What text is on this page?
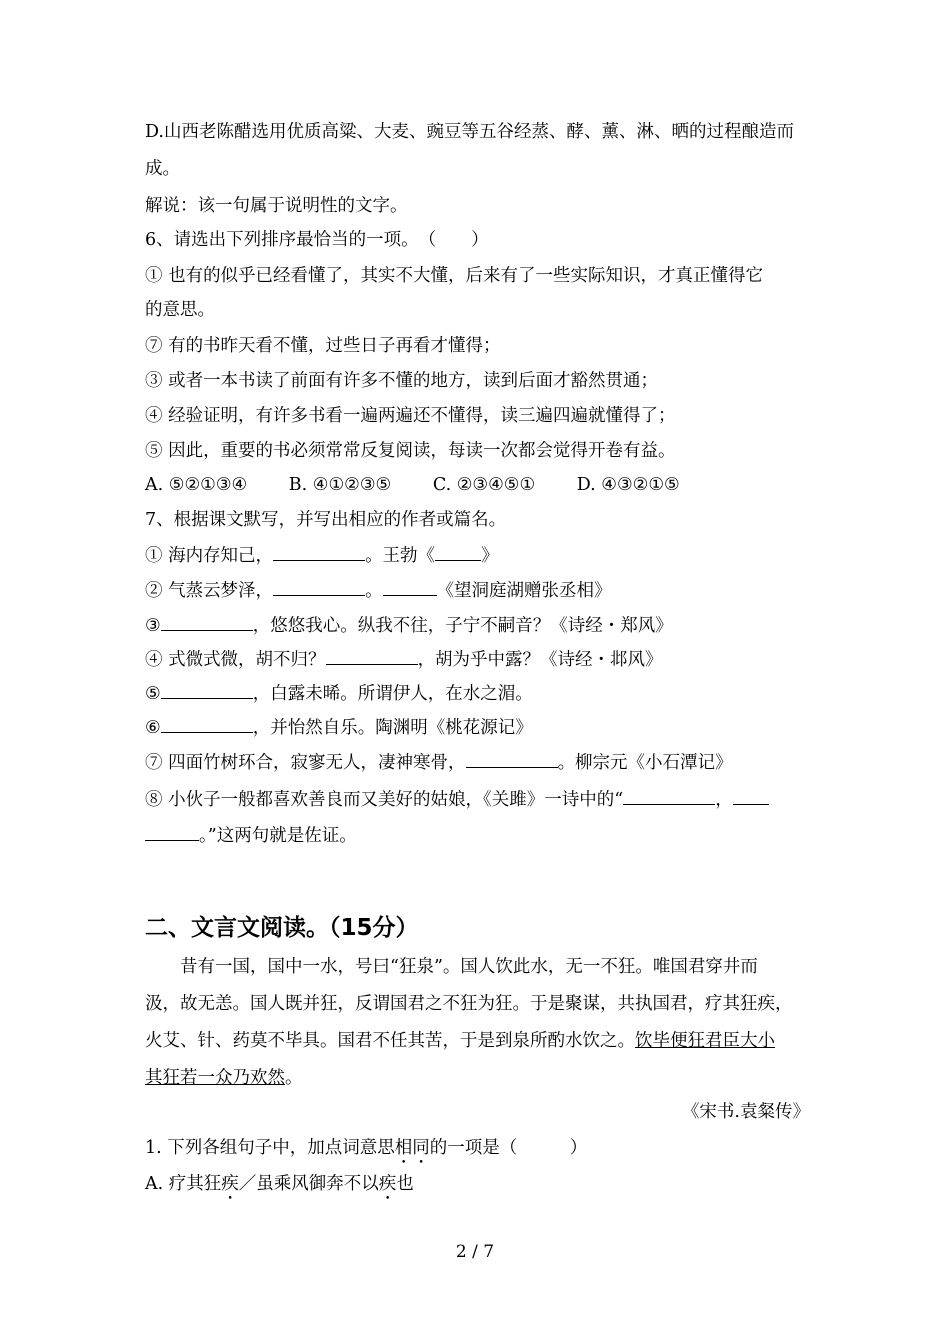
D.山西老陈醋选用优质高粱、大麦、豌豆等五谷经蒸、酵、薰、淋、晒的过程酿造而
成。
解说：该一句属于说明性的文字。
6、请选出下列排序最恰当的一项。　（　　）
① 也有的似乎已经看懂了，其实不大懂，后来有了一些实际知识，才真正懂得它
的意思。
⑦ 有的书昨天看不懂，过些日子再看才懂得；
③ 或者一本书读了前面有许多不懂的地方，读到后面才豁然贯通；
④ 经验证明，有许多书看一遍两遍还不懂得，读三遍四遍就懂得了；
⑤ 因此，重要的书必须常常反复阅读，每读一次都会觉得开卷有益。
A. ⑤②①③④ B. ④①②③⑤ C. ②③④⑤① D. ④③②①⑤
7、根据课文默写，并写出相应的作者或篇名。
① 海内存知己，	。王勃《	》
② 气蒸云梦泽，	。	《望洞庭湖赠张丞相》
③	，悠悠我心。纵我不往，子宁不嗣音？《诗经・郑风》
④ 式微式微，胡不归？	，胡为乎中露？《诗经・邶风》
⑤	，白露未晞。所谓伊人，在水之湄。
⑥	，并怡然自乐。陶渊明《桃花源记》
⑦ 四面竹树环合，寂寥无人，凄神寒骨，	。柳宗元《小石潭记》
⑧ 小伙子一般都喜欢善良而又美好的姑娘，《关雎》一诗中的“	，
。”这两句就是佐证。
二、文言文阅读。（15分）
　　昔有一国，国中一水，号曰“狂泉”。国人饮此水，无一不狂。唯国君穿井而
汲，故无恙。国人既并狂，反谓国君之不狂为狂。于是聚谋，共执国君，疗其狂疾，
火艾、针、药莫不毕具。国君不任其苦，于是到泉所酌水饮之。饮毕便狂君臣大小
其狂若一众乃欢然。
《宋书.袁粲传》
1. 下列各组句子中，加点词意思相同的一项是（　　　）
A. 疗其狂疾／虽乘风御奔不以疾也
2 / 7
